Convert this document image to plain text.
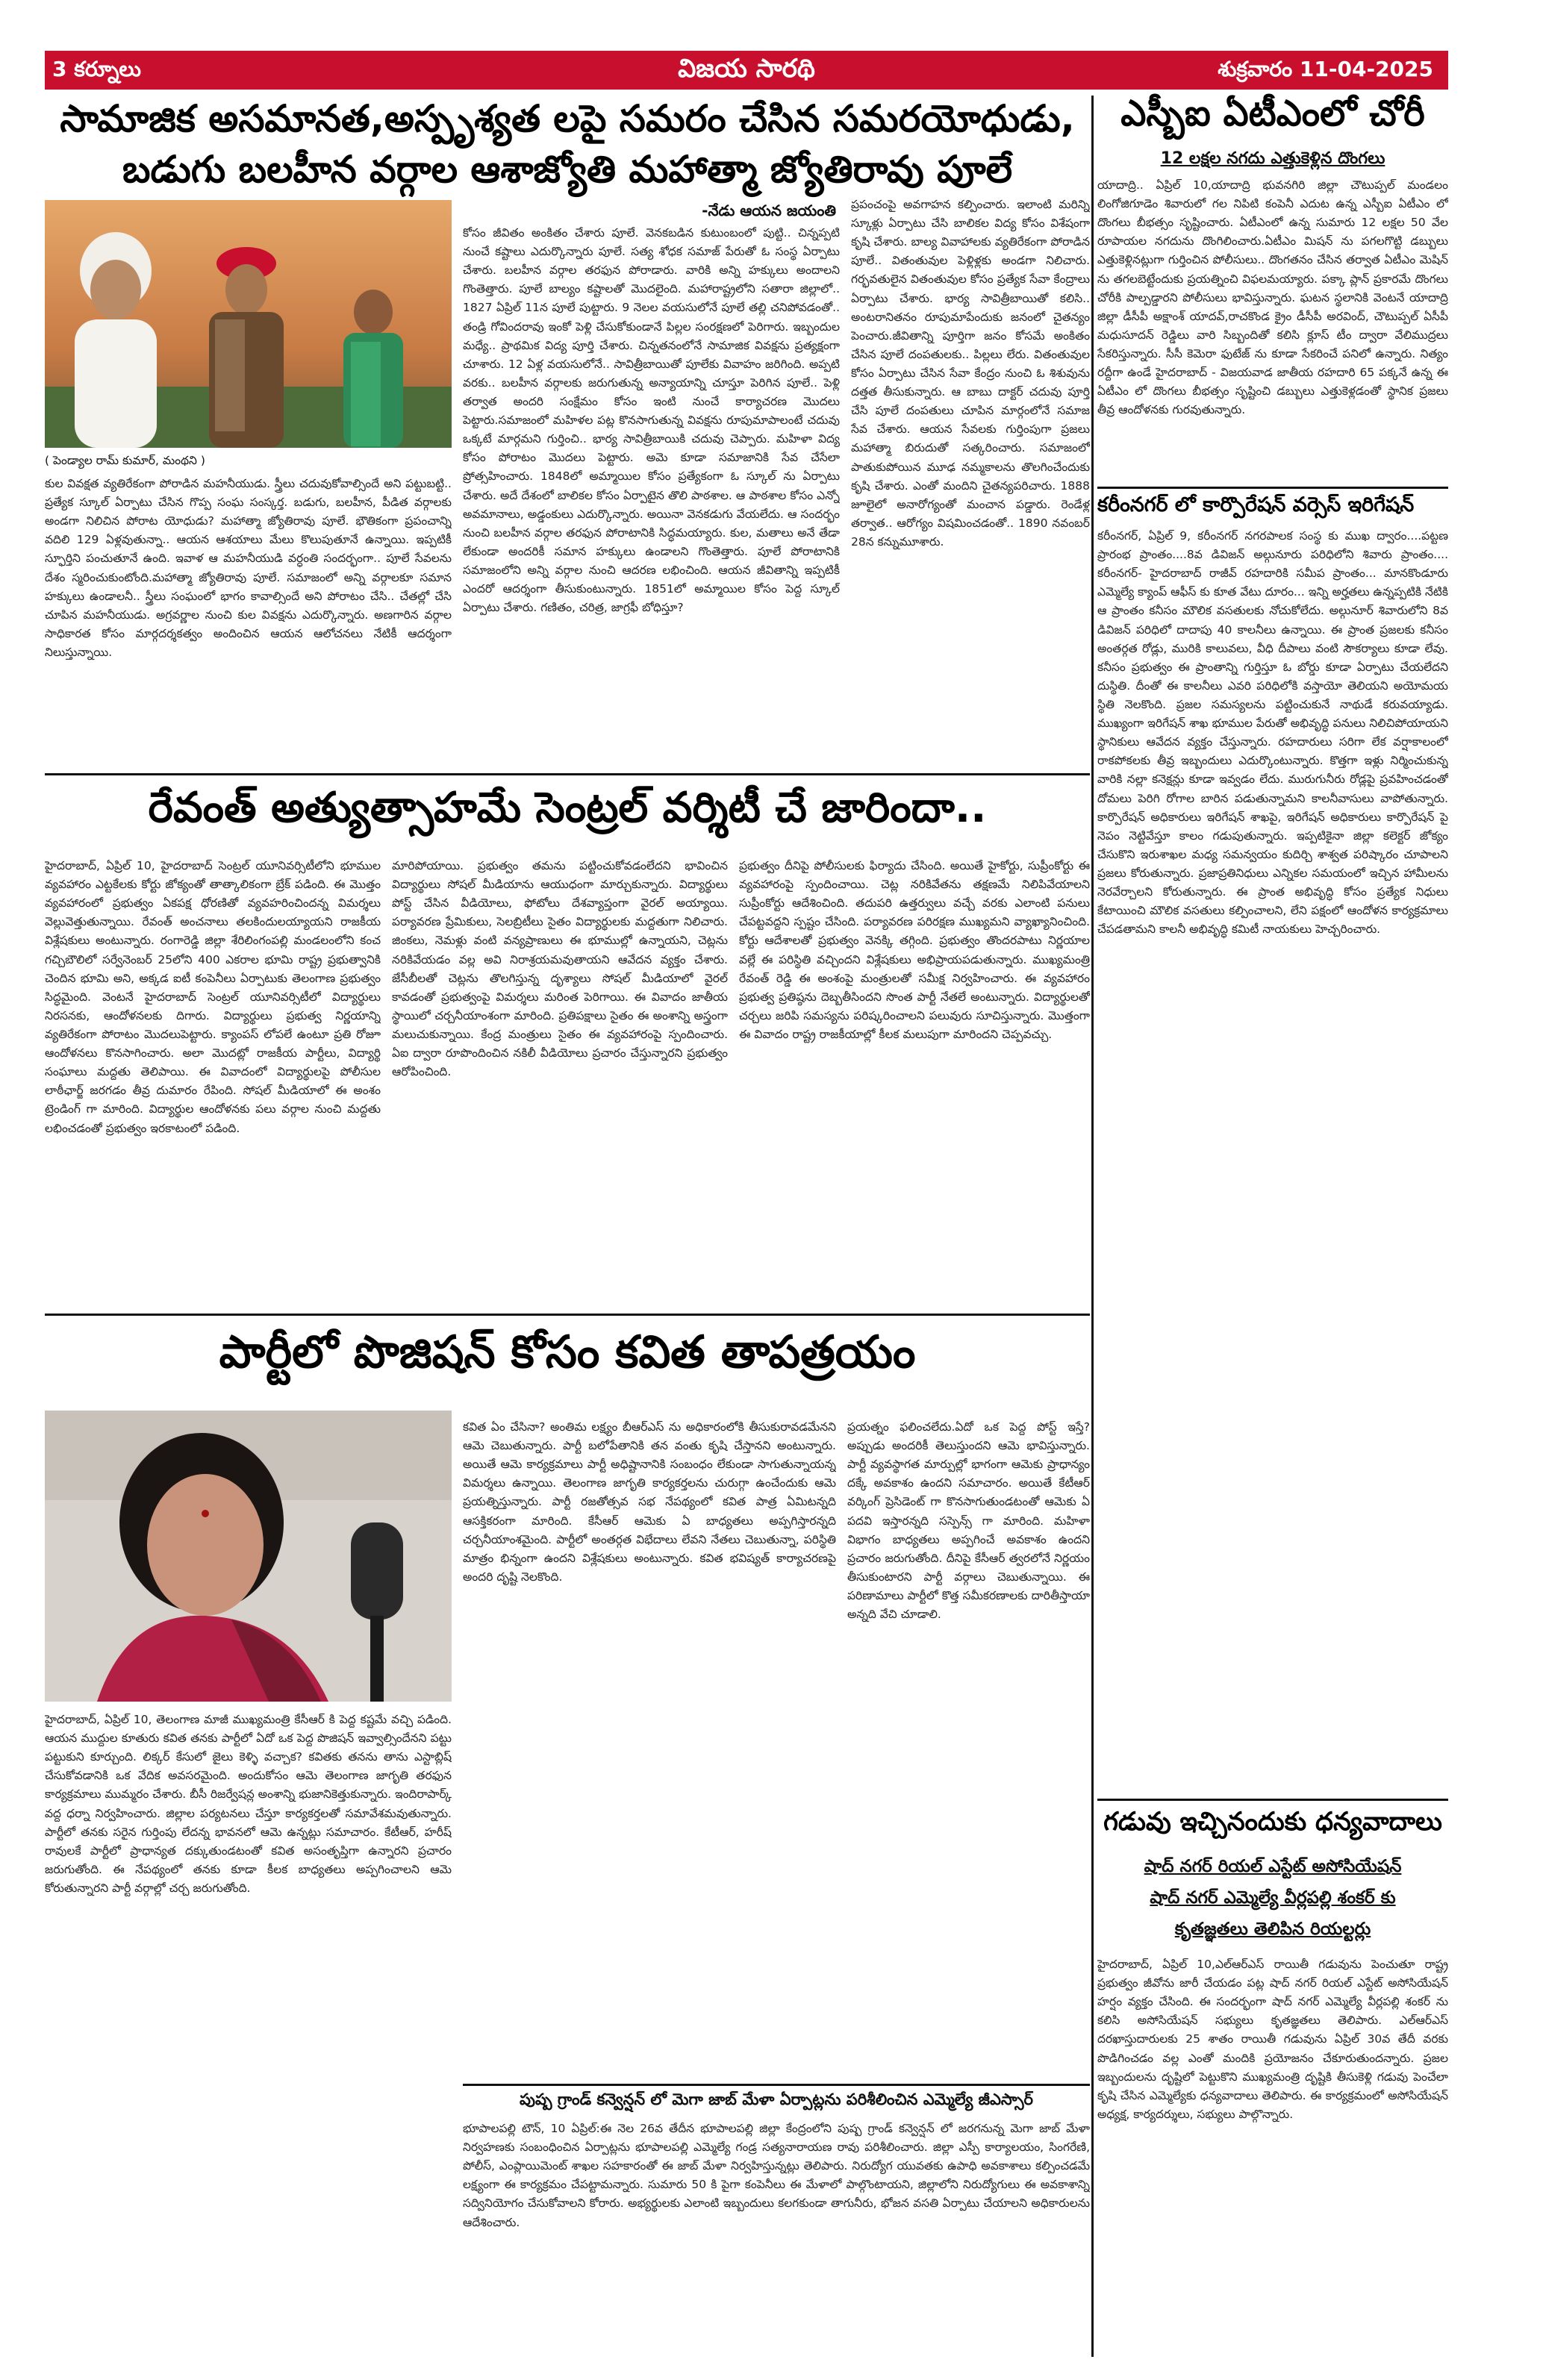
3 కర్నూలు	విజయ సారథి	శుక్రవారం 11-04-2025
సామాజిక అసమానత,అస్పృశ్యత లపై సమరం చేసిన సమరయోధుడు,
బడుగు బలహీన వర్గాల ఆశాజ్యోతి మహాత్మా జ్యోతిరావు పూలే
( పెండ్యాల రామ్ కుమార్, మంథని )
కుల వివక్షత వ్యతిరేకంగా పోరాడిన మహనీయుడు. స్త్రీలు చదువుకోవాల్సిందే అని పట్టుబట్టి.. ప్రత్యేక స్కూల్ ఏర్పాటు చేసిన గొప్ప సంఘ సంస్కర్త. బడుగు, బలహీన, పీడిత వర్గాలకు అండగా నిలిచిన పోరాట యోధుడు? మహాత్మా జ్యోతిరావు పూలే. భౌతికంగా ప్రపంచాన్ని వదిలి 129 ఏళ్లవుతున్నా.. ఆయన ఆశయాలు మేలు కొలుపుతూనే ఉన్నాయి. ఇప్పటికీ స్ఫూర్తిని పంచుతూనే ఉంది. ఇవాళ ఆ మహనీయుడి వర్ధంతి సందర్భంగా.. పూలే సేవలను దేశం స్మరించుకుంటోంది.మహాత్మా జ్యోతిరావు పూలే. సమాజంలో అన్ని వర్గాలకూ సమాన హక్కులు ఉండాలనీ.. స్త్రీలు సంఘంలో భాగం కావాల్సిందే అని పోరాటం చేసి.. చేతల్లో చేసి చూపిన మహనీయుడు. అగ్రవర్ణాల నుంచి కుల వివక్షను ఎదుర్కొన్నారు. అణగారిన వర్గాల సాధికారత కోసం మార్గదర్శకత్వం అందించిన ఆయన ఆలోచనలు నేటికీ ఆదర్శంగా నిలుస్తున్నాయి.
-నేడు ఆయన జయంతి
కోసం జీవితం అంకితం చేశారు పూలే. వెనకబడిన కుటుంబంలో పుట్టి.. చిన్నప్పటి నుంచే కష్టాలు ఎదుర్కొన్నారు పూలే. సత్య శోధక సమాజ్ పేరుతో ఓ సంస్థ ఏర్పాటు చేశారు. బలహీన వర్గాల తరఫున పోరాడారు. వారికి అన్ని హక్కులు అందాలని గొంతెత్తారు. పూలే బాల్యం కష్టాలతో మొదలైంది. మహారాష్ట్రలోని సతారా జిల్లాలో.. 1827 ఏప్రిల్ 11న పూలే పుట్టారు. 9 నెలల వయసులోనే పూలే తల్లి చనిపోవడంతో.. తండ్రి గోవిందరావు ఇంకో పెళ్లి చేసుకోకుండానే పిల్లల సంరక్షణలో పెరిగారు. ఇబ్బందుల మధ్యే.. ప్రాథమిక విద్య పూర్తి చేశారు. చిన్నతనంలోనే సామాజిక వివక్షను ప్రత్యక్షంగా చూశారు. 12 ఏళ్ల వయసులోనే.. సావిత్రీబాయితో పూలేకు వివాహం జరిగింది. అప్పటి వరకు.. బలహీన వర్గాలకు జరుగుతున్న అన్యాయాన్ని చూస్తూ పెరిగిన పూలే.. పెళ్లి తర్వాత అందరి సంక్షేమం కోసం ఇంటి నుంచే కార్యాచరణ మొదలు పెట్టారు.సమాజంలో మహిళల పట్ల కొనసాగుతున్న వివక్షను రూపుమాపాలంటే చదువు ఒక్కటే మార్గమని గుర్తించి.. భార్య సావిత్రీబాయికి చదువు చెప్పారు. మహిళా విద్య కోసం పోరాటం మొదలు పెట్టారు. అమె కూడా సమాజానికి సేవ చేసేలా ప్రోత్సహించారు. 1848లో అమ్మాయిల కోసం ప్రత్యేకంగా ఓ స్కూల్ ను ఏర్పాటు చేశారు. అదే దేశంలో బాలికల కోసం ఏర్పాటైన తొలి పాఠశాల. ఆ పాఠశాల కోసం ఎన్నో అవమానాలు, అడ్డంకులు ఎదుర్కొన్నారు. అయినా వెనకడుగు వేయలేదు. ఆ సందర్భం నుంచి బలహీన వర్గాల తరఫున పోరాటానికి సిద్ధమయ్యారు. కుల, మతాలు అనే తేడా లేకుండా అందరికీ సమాన హక్కులు ఉండాలని గొంతెత్తారు. పూలే పోరాటానికి సమాజంలోని అన్ని వర్గాల నుంచి ఆదరణ లభించింది. ఆయన జీవితాన్ని ఇప్పటికీ ఎందరో ఆదర్శంగా తీసుకుంటున్నారు. 1851లో అమ్మాయిల కోసం పెద్ద స్కూల్ ఏర్పాటు చేశారు. గణితం, చరిత్ర, జాగ్రఫీ బోధిస్తూ?
ప్రపంచంపై అవగాహన కల్పించారు. ఇలాంటి మరిన్ని స్కూళ్లు ఏర్పాటు చేసి బాలికల విద్య కోసం విశేషంగా కృషి చేశారు. బాల్య వివాహాలకు వ్యతిరేకంగా పోరాడిన పూలే.. వితంతువుల పెళ్లిళ్లకు అండగా నిలిచారు. గర్భవతులైన వితంతువుల కోసం ప్రత్యేక సేవా కేంద్రాలు ఏర్పాటు చేశారు. భార్య సావిత్రీబాయితో కలిసి.. అంటరానితనం రూపుమాపేందుకు జనంలో చైతన్యం పెంచారు.జీవితాన్ని పూర్తిగా జనం కోసమే అంకితం చేసిన పూలే దంపతులకు.. పిల్లలు లేరు. వితంతువుల కోసం ఏర్పాటు చేసిన సేవా కేంద్రం నుంచి ఓ శిశువును దత్తత తీసుకున్నారు. ఆ బాబు దాక్టర్ చదువు పూర్తి చేసి పూలే దంపతులు చూపిన మార్గంలోనే సమాజ సేవ చేశారు. ఆయన సేవలకు గుర్తింపుగా ప్రజలు మహాత్మా బిరుదుతో సత్కరించారు. సమాజంలో పాతుకుపోయిన మూఢ నమ్మకాలను తొలగించేందుకు కృషి చేశారు. ఎంతో మందిని చైతన్యపరిచారు. 1888 జూలైలో అనారోగ్యంతో మంచాన పడ్డారు. రెండేళ్ల తర్వాత.. ఆరోగ్యం విషమించడంతో.. 1890 నవంబర్ 28న కన్నుమూశారు.
ఎస్బీఐ ఏటీఎంలో చోరీ
12 లక్షల నగదు ఎత్తుకెళ్లిన దొంగలు
యాదాద్రి.. ఏప్రిల్ 10,యాదాద్రి భువనగిరి జిల్లా చౌటుప్పల్ మండలం లింగోజిగూడెం శివారులో గల నిపిటి కంపెనీ ఎదుట ఉన్న ఎస్బీఐ ఏటీఎం లో దొంగలు బీభత్సం సృష్టించారు. ఏటీఎంలో ఉన్న సుమారు 12 లక్షల 50 వేల రూపాయల నగదును దొంగిలించారు.ఏటీఎం మిషన్ ను పగలగొట్టి డబ్బులు ఎత్తుకెళ్లినట్లుగా గుర్తించిన పోలీసులు.. దొంగతనం చేసిన తర్వాత ఏటీఎం మెషిన్ ను తగలబెట్టేందుకు ప్రయత్నించి విఫలమయ్యారు. పక్కా ప్లాన్ ప్రకారమే దొంగలు చోరీకి పాల్పడ్డారని పోలీసులు భావిస్తున్నారు. ఘటన స్థలానికి వెంటనే యాదాద్రి జిల్లా డీసీపీ అక్షాంశ్ యాదవ్,రాచకొండ క్రైం డీసీపీ అరవింద్, చౌటుప్పల్ ఏసీపీ మధుసూదన్ రెడ్డిలు వారి సిబ్బందితో కలిసి క్లూస్ టీం ద్వారా వేలిముద్రలు సేకరిస్తున్నారు. సీసీ కెమెరా ఫుటేజ్ ను కూడా సేకరించే పనిలో ఉన్నారు. నిత్యం రద్దీగా ఉండే హైదరాబాద్ - విజయవాడ జాతీయ రహదారి 65 పక్కనే ఉన్న ఈ ఏటీఎం లో దొంగలు బీభత్సం సృష్టించి డబ్బులు ఎత్తుకెళ్లడంతో స్థానిక ప్రజలు తీవ్ర ఆందోళనకు గురవుతున్నారు.
కరీంనగర్ లో కార్పొరేషన్ వర్సెస్ ఇరిగేషన్
కరీంనగర్, ఏప్రిల్ 9, కరీంనగర్ నగరపాలక సంస్థ కు ముఖ ద్వారం....పట్టణ ప్రారంభ ప్రాంతం....8వ డివిజన్ అల్గునూరు పరిధిలోని శివారు ప్రాంతం.... కరీంనగర్- హైదరాబాద్ రాజీవ్ రహదారికి సమీప ప్రాంతం... మానకొండూరు ఎమ్మెల్యే క్యాంప్ ఆఫీస్ కు కూత వేటు దూరం... ఇన్ని అర్హతలు ఉన్నప్పటికి నేటికి ఆ ప్రాంతం కనీసం మౌలిక వసతులకు నోచుకోలేదు. అల్గునూర్ శివారులోని 8వ డివిజన్ పరిధిలో దాదాపు 40 కాలనీలు ఉన్నాయి. ఈ ప్రాంత ప్రజలకు కనీసం అంతర్గత రోడ్లు, మురికి కాలువలు, వీధి దీపాలు వంటి సౌకర్యాలు కూడా లేవు. కనీసం ప్రభుత్వం ఈ ప్రాంతాన్ని గుర్తిస్తూ ఓ బోర్డు కూడా ఏర్పాటు చేయలేదని దుస్థితి. దీంతో ఈ కాలనీలు ఎవరి పరిధిలోకి వస్తాయో తెలియని అయోమయ స్థితి నెలకొంది. ప్రజల సమస్యలను పట్టించుకునే నాథుడే కరువయ్యాడు. ముఖ్యంగా ఇరిగేషన్ శాఖ భూముల పేరుతో అభివృద్ధి పనులు నిలిచిపోయాయని స్థానికులు ఆవేదన వ్యక్తం చేస్తున్నారు. రహదారులు సరిగా లేక వర్షాకాలంలో రాకపోకలకు తీవ్ర ఇబ్బందులు ఎదుర్కొంటున్నారు. కొత్తగా ఇళ్లు నిర్మించుకున్న వారికి నల్లా కనెక్షన్లు కూడా ఇవ్వడం లేదు. మురుగునీరు రోడ్లపై ప్రవహించడంతో దోమలు పెరిగి రోగాల బారిన పడుతున్నామని కాలనీవాసులు వాపోతున్నారు. కార్పొరేషన్ అధికారులు ఇరిగేషన్ శాఖపై, ఇరిగేషన్ అధికారులు కార్పొరేషన్ పై నెపం నెట్టివేస్తూ కాలం గడుపుతున్నారు. ఇప్పటికైనా జిల్లా కలెక్టర్ జోక్యం చేసుకొని ఇరుశాఖల మధ్య సమన్వయం కుదిర్చి శాశ్వత పరిష్కారం చూపాలని ప్రజలు కోరుతున్నారు. ప్రజాప్రతినిధులు ఎన్నికల సమయంలో ఇచ్చిన హామీలను నెరవేర్చాలని కోరుతున్నారు. ఈ ప్రాంత అభివృద్ధి కోసం ప్రత్యేక నిధులు కేటాయించి మౌలిక వసతులు కల్పించాలని, లేని పక్షంలో ఆందోళన కార్యక్రమాలు చేపడతామని కాలనీ అభివృద్ధి కమిటీ నాయకులు హెచ్చరించారు.
రేవంత్ అత్యుత్సాహమే సెంట్రల్ వర్శిటీ చే జారిందా..
హైదరాబాద్, ఏప్రిల్ 10, హైదరాబాద్ సెంట్రల్ యూనివర్సిటీలోని భూముల వ్యవహారం ఎట్టకేలకు కోర్టు జోక్యంతో తాత్కాలికంగా బ్రేక్ పడింది. ఈ మొత్తం వ్యవహారంలో ప్రభుత్వం ఏకపక్ష ధోరణితో వ్యవహరించిందన్న విమర్శలు వెల్లువెత్తుతున్నాయి. రేవంత్ అంచనాలు తలకిందులయ్యాయని రాజకీయ విశ్లేషకులు అంటున్నారు. రంగారెడ్డి జిల్లా శేరిలింగంపల్లి మండలంలోని కంచ గచ్చిబౌలిలో సర్వేనెంబర్ 25లోని 400 ఎకరాల భూమి రాష్ట్ర ప్రభుత్వానికి చెందిన భూమి అని, అక్కడ ఐటీ కంపెనీలు ఏర్పాటుకు తెలంగాణ ప్రభుత్వం సిద్ధమైంది. వెంటనే హైదరాబాద్ సెంట్రల్ యూనివర్సిటీలో విద్యార్థులు నిరసనకు, ఆందోళనలకు దిగారు. విద్యార్థులు ప్రభుత్వ నిర్ణయాన్ని వ్యతిరేకంగా పోరాటం మొదలుపెట్టారు. క్యాంపస్ లోపలే ఉంటూ ప్రతి రోజూ ఆందోళనలు కొనసాగించారు. అలా మొదట్లో రాజకీయ పార్టీలు, విద్యార్థి సంఘాలు మద్దతు తెలిపాయి. ఈ వివాదంలో విద్యార్థులపై పోలీసుల లాఠీఛార్జ్ జరగడం తీవ్ర దుమారం రేపింది. సోషల్ మీడియాలో ఈ అంశం ట్రెండింగ్ గా మారింది. విద్యార్థుల ఆందోళనకు పలు వర్గాల నుంచి మద్దతు లభించడంతో ప్రభుత్వం ఇరకాటంలో పడింది.
మారిపోయాయి. ప్రభుత్వం తమను పట్టించుకోవడంలేదని భావించిన విద్యార్థులు సోషల్ మీడియాను ఆయుధంగా మార్చుకున్నారు. విద్యార్థులు పోస్ట్ చేసిన వీడియోలు, ఫోటోలు దేశవ్యాప్తంగా వైరల్ అయ్యాయి. పర్యావరణ ప్రేమికులు, సెలబ్రిటీలు సైతం విద్యార్థులకు మద్దతుగా నిలిచారు. జింకలు, నెమళ్లు వంటి వన్యప్రాణులు ఈ భూముల్లో ఉన్నాయని, చెట్లను నరికివేయడం వల్ల అవి నిరాశ్రయమవుతాయని ఆవేదన వ్యక్తం చేశారు. జేసీబీలతో చెట్లను తొలగిస్తున్న దృశ్యాలు సోషల్ మీడియాలో వైరల్ కావడంతో ప్రభుత్వంపై విమర్శలు మరింత పెరిగాయి. ఈ వివాదం జాతీయ స్థాయిలో చర్చనీయాంశంగా మారింది. ప్రతిపక్షాలు సైతం ఈ అంశాన్ని అస్త్రంగా మలుచుకున్నాయి. కేంద్ర మంత్రులు సైతం ఈ వ్యవహారంపై స్పందించారు. ఏఐ ద్వారా రూపొందించిన నకిలీ వీడియోలు ప్రచారం చేస్తున్నారని ప్రభుత్వం ఆరోపించింది.
ప్రభుత్వం దీనిపై పోలీసులకు ఫిర్యాదు చేసింది. అయితే హైకోర్టు, సుప్రీంకోర్టు ఈ వ్యవహారంపై స్పందించాయి. చెట్ల నరికివేతను తక్షణమే నిలిపివేయాలని సుప్రీంకోర్టు ఆదేశించింది. తదుపరి ఉత్తర్వులు వచ్చే వరకు ఎలాంటి పనులు చేపట్టవద్దని స్పష్టం చేసింది. పర్యావరణ పరిరక్షణ ముఖ్యమని వ్యాఖ్యానించింది. కోర్టు ఆదేశాలతో ప్రభుత్వం వెనక్కి తగ్గింది. ప్రభుత్వం తొందరపాటు నిర్ణయాల వల్లే ఈ పరిస్థితి వచ్చిందని విశ్లేషకులు అభిప్రాయపడుతున్నారు. ముఖ్యమంత్రి రేవంత్ రెడ్డి ఈ అంశంపై మంత్రులతో సమీక్ష నిర్వహించారు. ఈ వ్యవహారం ప్రభుత్వ ప్రతిష్ఠను దెబ్బతీసిందని సొంత పార్టీ నేతలే అంటున్నారు. విద్యార్థులతో చర్చలు జరిపి సమస్యను పరిష్కరించాలని పలువురు సూచిస్తున్నారు. మొత్తంగా ఈ వివాదం రాష్ట్ర రాజకీయాల్లో కీలక మలుపుగా మారిందని చెప్పవచ్చు.
పార్టీలో పొజిషన్ కోసం కవిత తాపత్రయం
హైదరాబాద్, ఏప్రిల్ 10, తెలంగాణ మాజీ ముఖ్యమంత్రి కేసీఆర్ కి పెద్ద కష్టమే వచ్చి పడింది. ఆయన ముద్దుల కూతురు కవిత తనకు పార్టీలో ఏదో ఒక పెద్ద పొజిషన్ ఇవ్వాల్సిందేనని పట్టు పట్టుకుని కూర్చుంది. లిక్కర్ కేసులో జైలు కెళ్ళి వచ్చాక? కవితకు తనను తాను ఎస్టాబ్లిష్ చేసుకోవడానికి ఒక వేదిక అవసరమైంది. అందుకోసం ఆమె తెలంగాణ జాగృతి తరఫున కార్యక్రమాలు ముమ్మరం చేశారు. బీసీ రిజర్వేషన్ల అంశాన్ని భుజానికెత్తుకున్నారు. ఇందిరాపార్క్ వద్ద ధర్నా నిర్వహించారు. జిల్లాల పర్యటనలు చేస్తూ కార్యకర్తలతో సమావేశమవుతున్నారు. పార్టీలో తనకు సరైన గుర్తింపు లేదన్న భావనలో ఆమె ఉన్నట్లు సమాచారం. కేటీఆర్, హరీష్ రావులకే పార్టీలో ప్రాధాన్యత దక్కుతుండటంతో కవిత అసంతృప్తిగా ఉన్నారని ప్రచారం జరుగుతోంది. ఈ నేపథ్యంలో తనకు కూడా కీలక బాధ్యతలు అప్పగించాలని ఆమె కోరుతున్నారని పార్టీ వర్గాల్లో చర్చ జరుగుతోంది.
కవిత ఏం చేసినా? అంతిమ లక్ష్యం బీఆర్ఎస్ ను అధికారంలోకి తీసుకురావడమేనని ఆమె చెబుతున్నారు. పార్టీ బలోపేతానికి తన వంతు కృషి చేస్తానని అంటున్నారు. అయితే ఆమె కార్యక్రమాలు పార్టీ అధిష్టానానికి సంబంధం లేకుండా సాగుతున్నాయన్న విమర్శలు ఉన్నాయి. తెలంగాణ జాగృతి కార్యకర్తలను చురుగ్గా ఉంచేందుకు ఆమె ప్రయత్నిస్తున్నారు. పార్టీ రజతోత్సవ సభ నేపథ్యంలో కవిత పాత్ర ఏమిటన్నది ఆసక్తికరంగా మారింది. కేసీఆర్ ఆమెకు ఏ బాధ్యతలు అప్పగిస్తారన్నది చర్చనీయాంశమైంది. పార్టీలో అంతర్గత విభేదాలు లేవని నేతలు చెబుతున్నా, పరిస్థితి మాత్రం భిన్నంగా ఉందని విశ్లేషకులు అంటున్నారు. కవిత భవిష్యత్ కార్యాచరణపై అందరి దృష్టి నెలకొంది.
ప్రయత్నం ఫలించలేదు.ఏదో ఒక పెద్ద పోస్ట్ ఇస్తే? అప్పుడు అందరికీ తెలుస్తుందని ఆమె భావిస్తున్నారు. పార్టీ వ్యవస్థాగత మార్పుల్లో భాగంగా ఆమెకు ప్రాధాన్యం దక్కే అవకాశం ఉందని సమాచారం. అయితే కేటీఆర్ వర్కింగ్ ప్రెసిడెంట్ గా కొనసాగుతుండటంతో ఆమెకు ఏ పదవి ఇస్తారన్నది సస్పెన్స్ గా మారింది. మహిళా విభాగం బాధ్యతలు అప్పగించే అవకాశం ఉందని ప్రచారం జరుగుతోంది. దీనిపై కేసీఆర్ త్వరలోనే నిర్ణయం తీసుకుంటారని పార్టీ వర్గాలు చెబుతున్నాయి. ఈ పరిణామాలు పార్టీలో కొత్త సమీకరణాలకు దారితీస్తాయా అన్నది వేచి చూడాలి.
పుష్ప గ్రాండ్ కన్వెన్షన్ లో మెగా జాబ్ మేళా ఏర్పాట్లను పరిశీలించిన ఎమ్మెల్యే జీఎస్సార్
భూపాలపల్లి టౌన్, 10 ఏప్రిల్:ఈ నెల 26వ తేదీన భూపాలపల్లి జిల్లా కేంద్రంలోని పుష్ప గ్రాండ్ కన్వెన్షన్ లో జరగనున్న మెగా జాబ్ మేళా నిర్వహణకు సంబంధించిన ఏర్పాట్లను భూపాలపల్లి ఎమ్మెల్యే గండ్ర సత్యనారాయణ రావు పరిశీలించారు. జిల్లా ఎస్పీ కార్యాలయం, సింగరేణి, పోలీస్, ఎంప్లాయిమెంట్ శాఖల సహకారంతో ఈ జాబ్ మేళా నిర్వహిస్తున్నట్లు తెలిపారు. నిరుద్యోగ యువతకు ఉపాధి అవకాశాలు కల్పించడమే లక్ష్యంగా ఈ కార్యక్రమం చేపట్టామన్నారు. సుమారు 50 కి పైగా కంపెనీలు ఈ మేళాలో పాల్గొంటాయని, జిల్లాలోని నిరుద్యోగులు ఈ అవకాశాన్ని సద్వినియోగం చేసుకోవాలని కోరారు. అభ్యర్థులకు ఎలాంటి ఇబ్బందులు కలగకుండా తాగునీరు, భోజన వసతి ఏర్పాటు చేయాలని అధికారులను ఆదేశించారు.
గడువు ఇచ్చినందుకు ధన్యవాదాలు
షాద్ నగర్ రియల్ ఎస్టేట్ అసోసియేషన్
షాద్ నగర్ ఎమ్మెల్యే వీర్లపల్లి శంకర్ కు
కృతజ్ఞతలు తెలిపిన రియల్టర్లు
హైదరాబాద్, ఏప్రిల్ 10,ఎల్ఆర్ఎస్ రాయితీ గడువును పెంచుతూ రాష్ట్ర ప్రభుత్వం జీవోను జారీ చేయడం పట్ల షాద్ నగర్ రియల్ ఎస్టేట్ అసోసియేషన్ హర్షం వ్యక్తం చేసింది. ఈ సందర్భంగా షాద్ నగర్ ఎమ్మెల్యే వీర్లపల్లి శంకర్ ను కలిసి అసోసియేషన్ సభ్యులు కృతజ్ఞతలు తెలిపారు. ఎల్ఆర్ఎస్ దరఖాస్తుదారులకు 25 శాతం రాయితీ గడువును ఏప్రిల్ 30వ తేదీ వరకు పొడిగించడం వల్ల ఎంతో మందికి ప్రయోజనం చేకూరుతుందన్నారు. ప్రజల ఇబ్బందులను దృష్టిలో పెట్టుకొని ముఖ్యమంత్రి దృష్టికి తీసుకెళ్లి గడువు పెంచేలా కృషి చేసిన ఎమ్మెల్యేకు ధన్యవాదాలు తెలిపారు. ఈ కార్యక్రమంలో అసోసియేషన్ అధ్యక్ష, కార్యదర్శులు, సభ్యులు పాల్గొన్నారు.
